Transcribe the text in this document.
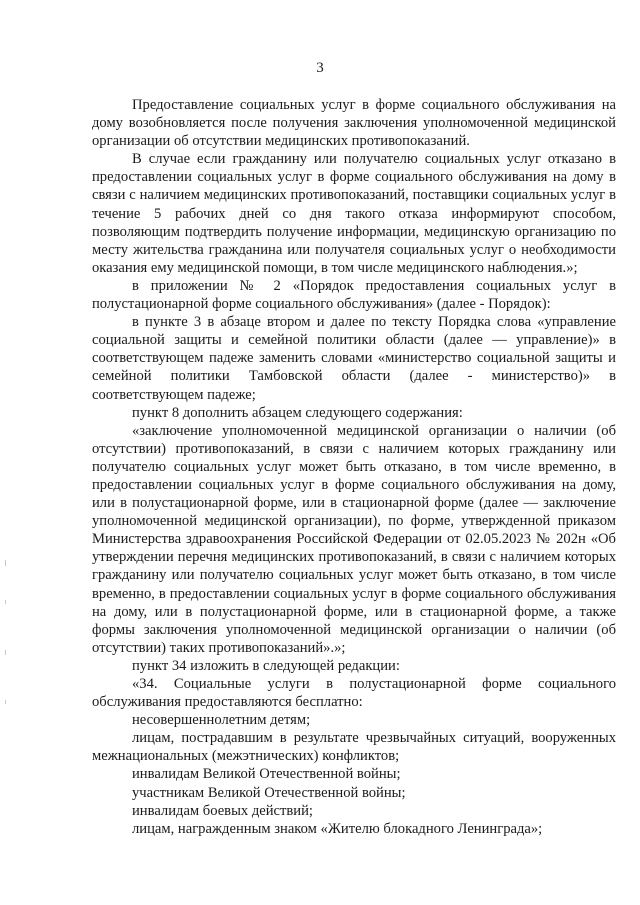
3

Предоставление социальных услуг в форме социального обслуживания на дому возобновляется после получения заключения уполномоченной медицинской организации об отсутствии медицинских противопоказаний.

В случае если гражданину или получателю социальных услуг отказано в предоставлении социальных услуг в форме социального обслуживания на дому в связи с наличием медицинских противопоказаний, поставщики социальных услуг в течение 5 рабочих дней со дня такого отказа информируют способом, позволяющим подтвердить получение информации, медицинскую организацию по месту жительства гражданина или получателя социальных услуг о необходимости оказания ему медицинской помощи, в том числе медицинского наблюдения.»;

в приложении № 2 «Порядок предоставления социальных услуг в полустационарной форме социального обслуживания» (далее - Порядок):

в пункте 3 в абзаце втором и далее по тексту Порядка слова «управление социальной защиты и семейной политики области (далее — управление)» в соответствующем падеже заменить словами «министерство социальной защиты и семейной политики Тамбовской области (далее - министерство)» в соответствующем падеже;

пункт 8 дополнить абзацем следующего содержания:

«заключение уполномоченной медицинской организации о наличии (об отсутствии) противопоказаний, в связи с наличием которых гражданину или получателю социальных услуг может быть отказано, в том числе временно, в предоставлении социальных услуг в форме социального обслуживания на дому, или в полустационарной форме, или в стационарной форме (далее — заключение уполномоченной медицинской организации), по форме, утвержденной приказом Министерства здравоохранения Российской Федерации от 02.05.2023 № 202н «Об утверждении перечня медицинских противопоказаний, в связи с наличием которых гражданину или получателю социальных услуг может быть отказано, в том числе временно, в предоставлении социальных услуг в форме социального обслуживания на дому, или в полустационарной форме, или в стационарной форме, а также формы заключения уполномоченной медицинской организации о наличии (об отсутствии) таких противопоказаний».»;

пункт 34 изложить в следующей редакции:

«34. Социальные услуги в полустационарной форме социального обслуживания предоставляются бесплатно:

несовершеннолетним детям;

лицам, пострадавшим в результате чрезвычайных ситуаций, вооруженных межнациональных (межэтнических) конфликтов;

инвалидам Великой Отечественной войны;

участникам Великой Отечественной войны;

инвалидам боевых действий;

лицам, награжденным знаком «Жителю блокадного Ленинграда»;
